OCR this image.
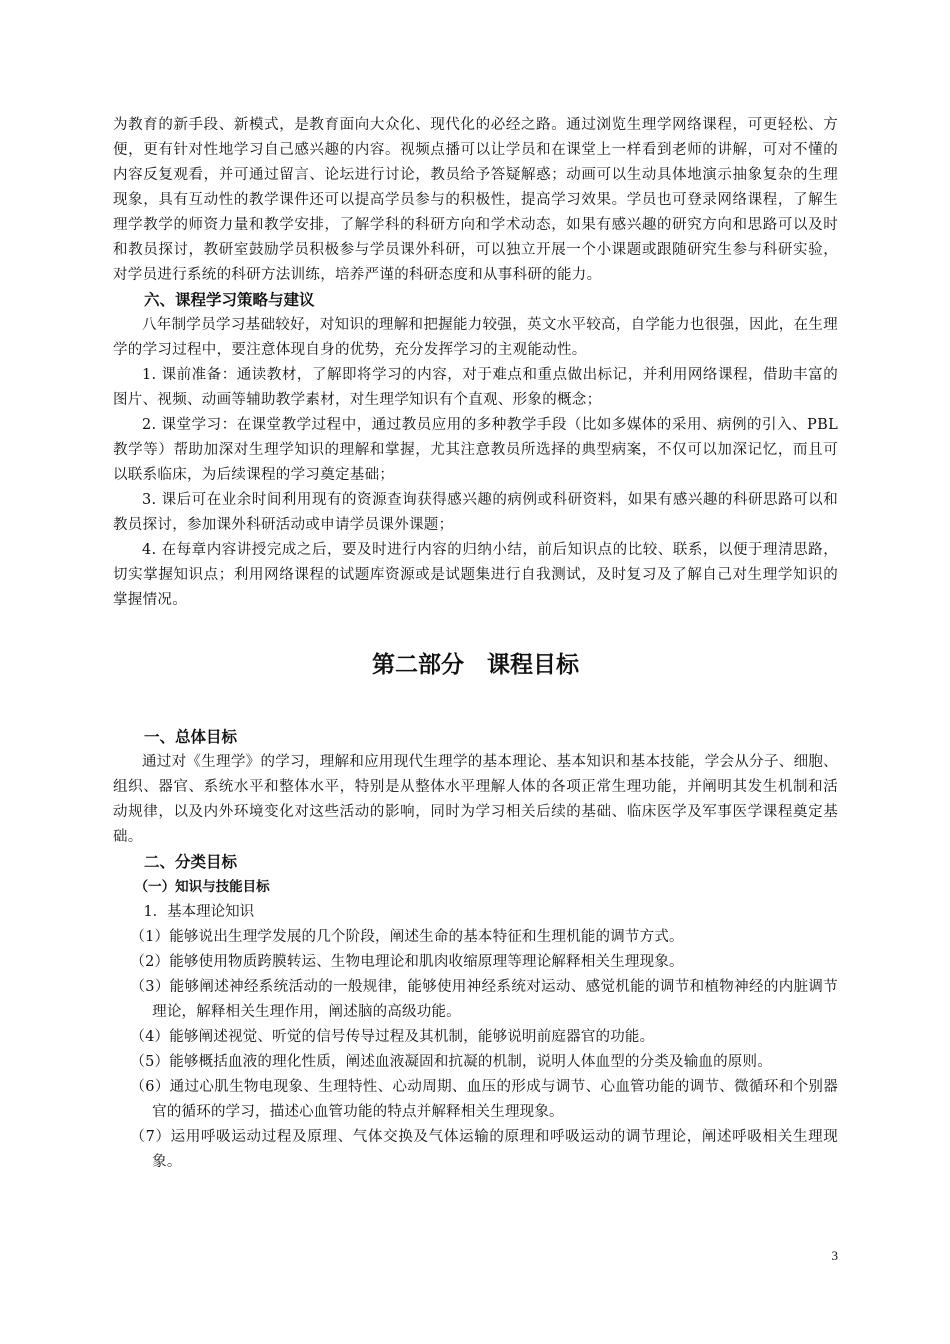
为教育的新手段、新模式，是教育面向大众化、现代化的必经之路。通过浏览生理学网络课程，可更轻松、方便，更有针对性地学习自己感兴趣的内容。视频点播可以让学员和在课堂上一样看到老师的讲解，可对不懂的内容反复观看，并可通过留言、论坛进行讨论，教员给予答疑解惑；动画可以生动具体地演示抽象复杂的生理现象，具有互动性的教学课件还可以提高学员参与的积极性，提高学习效果。学员也可登录网络课程，了解生理学教学的师资力量和教学安排，了解学科的科研方向和学术动态，如果有感兴趣的研究方向和思路可以及时和教员探讨，教研室鼓励学员积极参与学员课外科研，可以独立开展一个小课题或跟随研究生参与科研实验，对学员进行系统的科研方法训练，培养严谨的科研态度和从事科研的能力。

六、课程学习策略与建议

八年制学员学习基础较好，对知识的理解和把握能力较强，英文水平较高，自学能力也很强，因此，在生理学的学习过程中，要注意体现自身的优势，充分发挥学习的主观能动性。

1. 课前准备：通读教材，了解即将学习的内容，对于难点和重点做出标记，并利用网络课程，借助丰富的图片、视频、动画等辅助教学素材，对生理学知识有个直观、形象的概念；

2. 课堂学习：在课堂教学过程中，通过教员应用的多种教学手段（比如多媒体的采用、病例的引入、PBL 教学等）帮助加深对生理学知识的理解和掌握，尤其注意教员所选择的典型病案，不仅可以加深记忆，而且可以联系临床，为后续课程的学习奠定基础；

3. 课后可在业余时间利用现有的资源查询获得感兴趣的病例或科研资料，如果有感兴趣的科研思路可以和教员探讨，参加课外科研活动或申请学员课外课题；

4. 在每章内容讲授完成之后，要及时进行内容的归纳小结，前后知识点的比较、联系，以便于理清思路，切实掌握知识点；利用网络课程的试题库资源或是试题集进行自我测试，及时复习及了解自己对生理学知识的掌握情况。

第二部分　课程目标

一、总体目标

通过对《生理学》的学习，理解和应用现代生理学的基本理论、基本知识和基本技能，学会从分子、细胞、组织、器官、系统水平和整体水平，特别是从整体水平理解人体的各项正常生理功能，并阐明其发生机制和活动规律，以及内外环境变化对这些活动的影响，同时为学习相关后续的基础、临床医学及军事医学课程奠定基础。

二、分类目标

（一）知识与技能目标

1．基本理论知识

（1）能够说出生理学发展的几个阶段，阐述生命的基本特征和生理机能的调节方式。

（2）能够使用物质跨膜转运、生物电理论和肌肉收缩原理等理论解释相关生理现象。

（3）能够阐述神经系统活动的一般规律，能够使用神经系统对运动、感觉机能的调节和植物神经的内脏调节理论，解释相关生理作用，阐述脑的高级功能。

（4）能够阐述视觉、听觉的信号传导过程及其机制，能够说明前庭器官的功能。

（5）能够概括血液的理化性质，阐述血液凝固和抗凝的机制，说明人体血型的分类及输血的原则。

（6）通过心肌生物电现象、生理特性、心动周期、血压的形成与调节、心血管功能的调节、微循环和个别器官的循环的学习，描述心血管功能的特点并解释相关生理现象。

（7）运用呼吸运动过程及原理、气体交换及气体运输的原理和呼吸运动的调节理论，阐述呼吸相关生理现象。

3
